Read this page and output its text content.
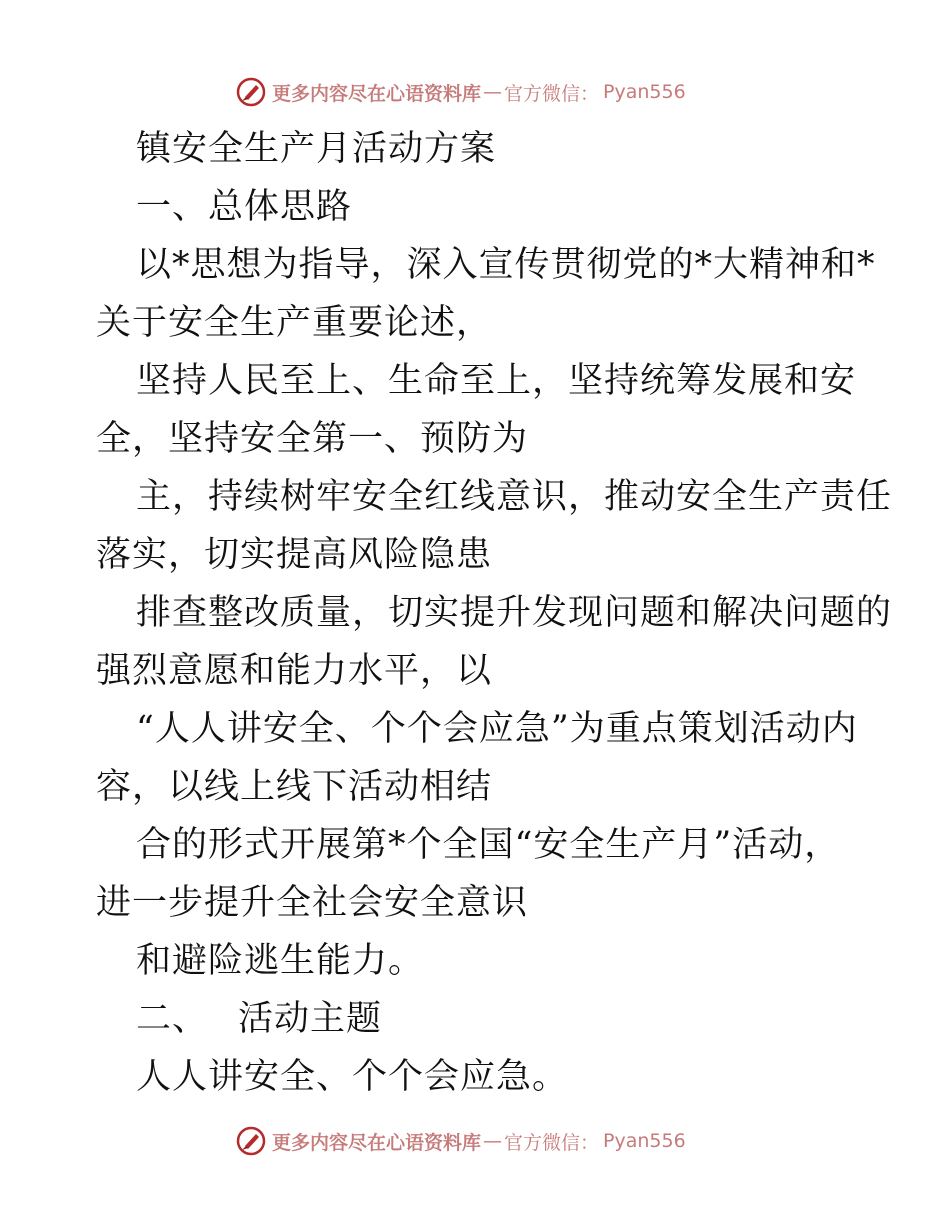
更多内容尽在心语资料库 — 官方微信： Pyan556
镇安全生产月活动方案
一、总体思路
以*思想为指导，深入宣传贯彻党的*大精神和*
关于安全生产重要论述，
坚持人民至上、生命至上，坚持统筹发展和安
全，坚持安全第一、预防为
主，持续树牢安全红线意识，推动安全生产责任
落实，切实提高风险隐患
排查整改质量，切实提升发现问题和解决问题的
强烈意愿和能力水平，以
“人人讲安全、个个会应急”为重点策划活动内
容，以线上线下活动相结
合的形式开展第*个全国“安全生产月”活动，
进一步提升全社会安全意识
和避险逃生能力。
二、 活动主题
人人讲安全、个个会应急。
更多内容尽在心语资料库 — 官方微信： Pyan556
